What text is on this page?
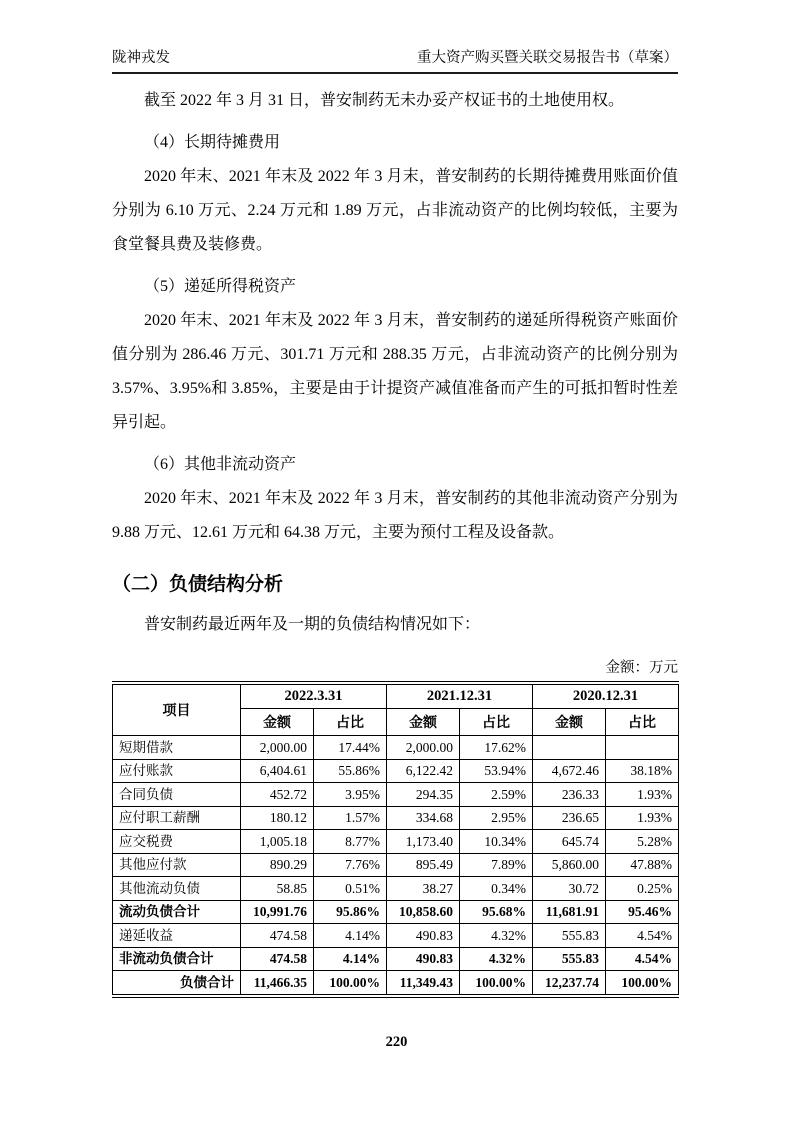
陇神戎发	重大资产购买暨关联交易报告书（草案）

截至 2022 年 3 月 31 日，普安制药无未办妥产权证书的土地使用权。

（4）长期待摊费用

2020 年末、2021 年末及 2022 年 3 月末，普安制药的长期待摊费用账面价值分别为 6.10 万元、2.24 万元和 1.89 万元，占非流动资产的比例均较低，主要为食堂餐具费及装修费。

（5）递延所得税资产

2020 年末、2021 年末及 2022 年 3 月末，普安制药的递延所得税资产账面价值分别为 286.46 万元、301.71 万元和 288.35 万元，占非流动资产的比例分别为 3.57%、3.95%和 3.85%，主要是由于计提资产减值准备而产生的可抵扣暂时性差异引起。

（6）其他非流动资产

2020 年末、2021 年末及 2022 年 3 月末，普安制药的其他非流动资产分别为 9.88 万元、12.61 万元和 64.38 万元，主要为预付工程及设备款。

（二）负债结构分析

普安制药最近两年及一期的负债结构情况如下：

金额：万元
项目	2022.3.31		2021.12.31		2020.12.31	
	金额	占比	金额	占比	金额	占比
短期借款	2,000.00	17.44%	2,000.00	17.62%		
应付账款	6,404.61	55.86%	6,122.42	53.94%	4,672.46	38.18%
合同负债	452.72	3.95%	294.35	2.59%	236.33	1.93%
应付职工薪酬	180.12	1.57%	334.68	2.95%	236.65	1.93%
应交税费	1,005.18	8.77%	1,173.40	10.34%	645.74	5.28%
其他应付款	890.29	7.76%	895.49	7.89%	5,860.00	47.88%
其他流动负债	58.85	0.51%	38.27	0.34%	30.72	0.25%
流动负债合计	10,991.76	95.86%	10,858.60	95.68%	11,681.91	95.46%
递延收益	474.58	4.14%	490.83	4.32%	555.83	4.54%
非流动负债合计	474.58	4.14%	490.83	4.32%	555.83	4.54%
负债合计	11,466.35	100.00%	11,349.43	100.00%	12,237.74	100.00%
220
